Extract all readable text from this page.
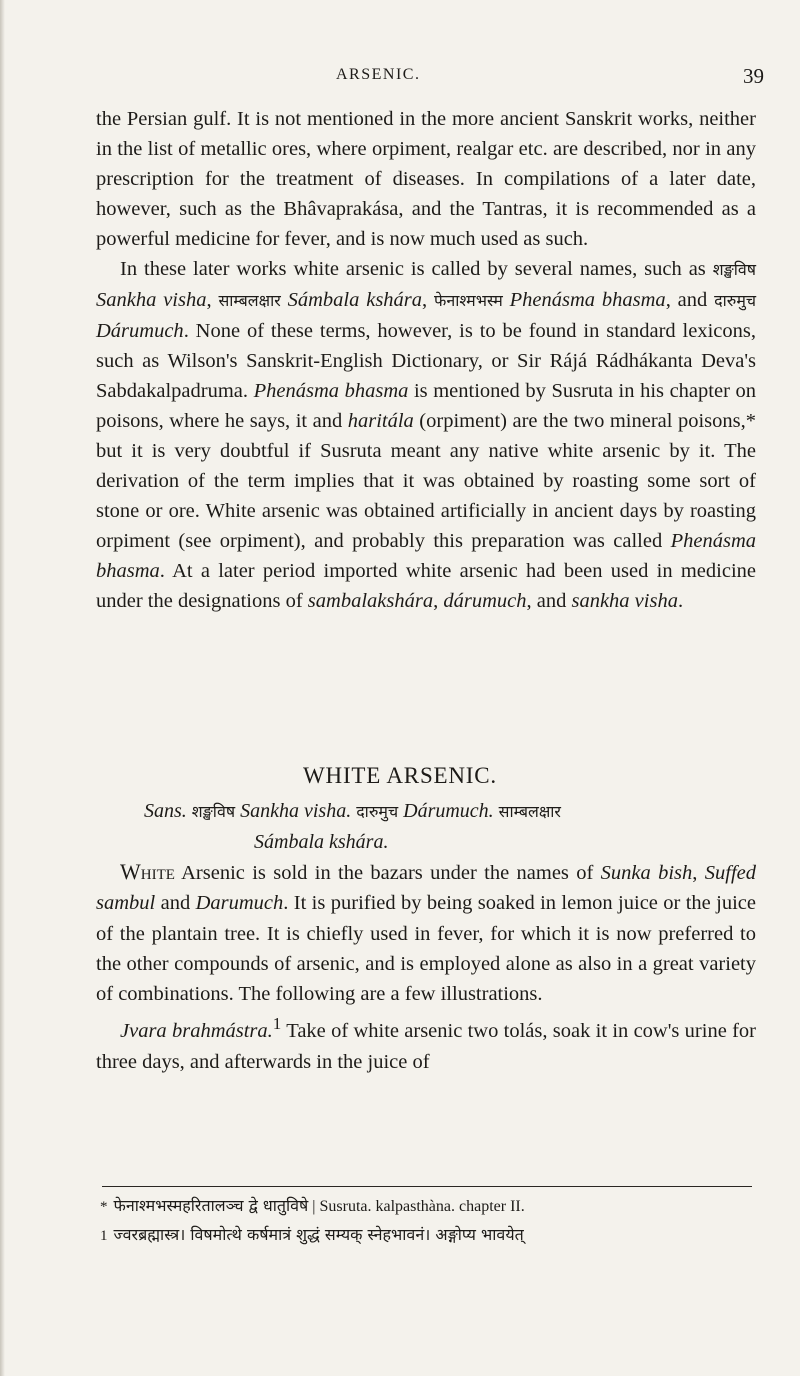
ARSENIC.	39

the Persian gulf. It is not mentioned in the more ancient Sanskrit works, neither in the list of metallic ores, where orpiment, realgar etc. are described, nor in any prescription for the treatment of diseases. In compilations of a later date, however, such as the Bhâvaprakása, and the Tantras, it is recommended as a powerful medicine for fever, and is now much used as such.

In these later works white arsenic is called by several names, such as शङ्खविष Sankha visha, साम्बलक्षार Sámbala kshára, फेनाश्मभस्म Phenásma bhasma, and दारुमुच Dárumuch. None of these terms, however, is to be found in standard lexicons, such as Wilson's Sanskrit-English Dictionary, or Sir Rájá Rádhákanta Deva's Sabdakalpadruma. Phenásma bhasma is mentioned by Susruta in his chapter on poisons, where he says, it and haritála (orpiment) are the two mineral poisons,* but it is very doubtful if Susruta meant any native white arsenic by it. The derivation of the term implies that it was obtained by roasting some sort of stone or ore. White arsenic was obtained artificially in ancient days by roasting orpiment (see orpiment), and probably this preparation was called Phenásma bhasma. At a later period imported white arsenic had been used in medicine under the designations of sambalakshára, dárumuch, and sankha visha.

WHITE ARSENIC.
Sans. शङ्खविष Sankha visha. दारुमुच Dárumuch. साम्बलक्षार
Sámbala kshára.

White Arsenic is sold in the bazars under the names of Sunka bish, Suffed sambul and Darumuch. It is purified by being soaked in lemon juice or the juice of the plantain tree. It is chiefly used in fever, for which it is now preferred to the other compounds of arsenic, and is employed alone as also in a great variety of combinations. The following are a few illustrations.

Jvara brahmástra.$^1$ Take of white arsenic two tolás, soak it in cow's urine for three days, and afterwards in the juice of

* फेनाश्मभस्महरितालञ्च द्वे धातुविषे | Susruta. kalpasthàna. chapter II.

1 ज्वरब्रह्मास्त्र। विषमोत्थे कर्षमात्रं शुद्धं सम्यक् स्नेहभावनं। अङ्गोप्य भावयेत्
